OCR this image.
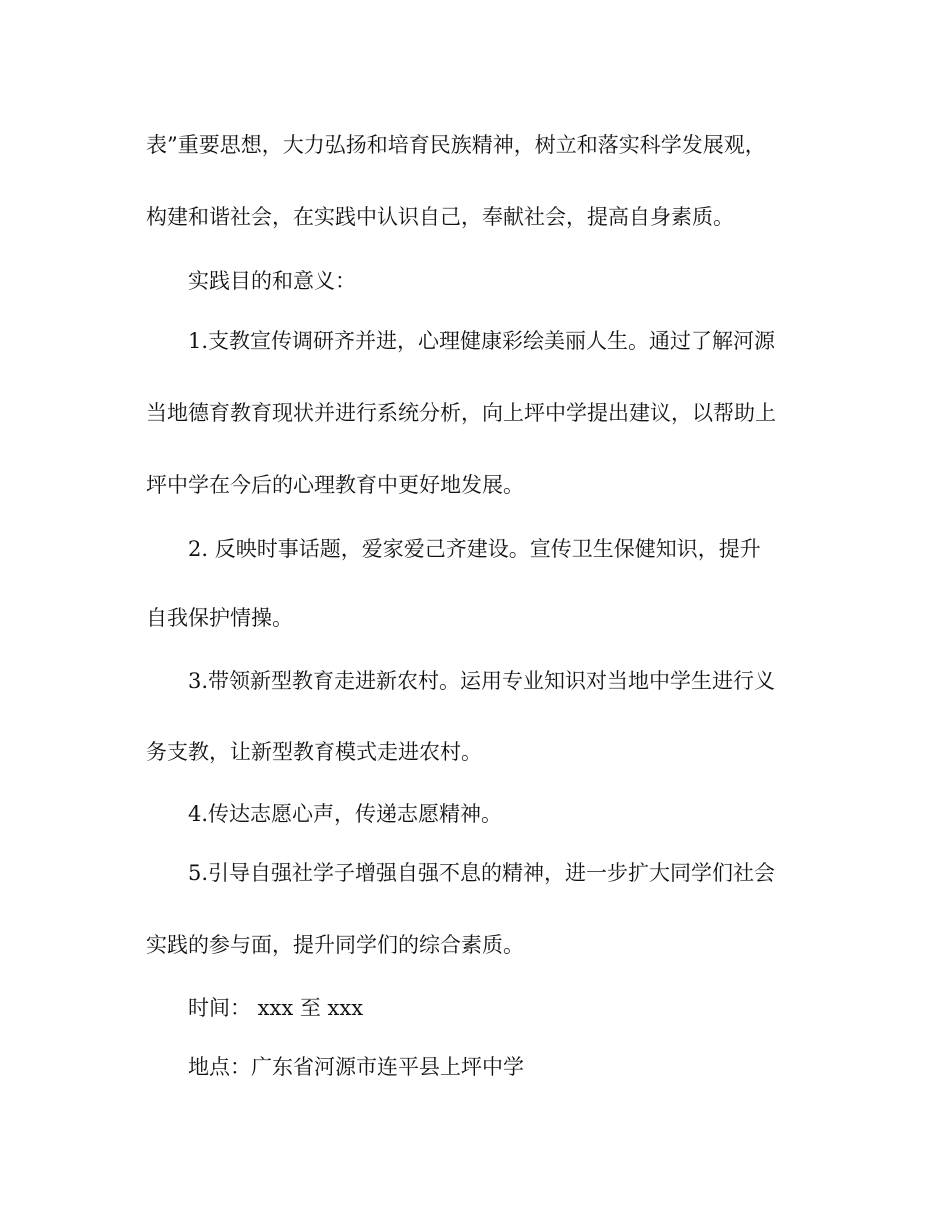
表”重要思想，大力弘扬和培育民族精神，树立和落实科学发展观，
构建和谐社会，在实践中认识自己，奉献社会，提高自身素质。
实践目的和意义：
1.支教宣传调研齐并进，心理健康彩绘美丽人生。通过了解河源
当地德育教育现状并进行系统分析，向上坪中学提出建议，以帮助上
坪中学在今后的心理教育中更好地发展。
2. 反映时事话题，爱家爱己齐建设。宣传卫生保健知识，提升
自我保护情操。
3.带领新型教育走进新农村。运用专业知识对当地中学生进行义
务支教，让新型教育模式走进农村。
4.传达志愿心声，传递志愿精神。
5.引导自强社学子增强自强不息的精神，进一步扩大同学们社会
实践的参与面，提升同学们的综合素质。
时间： xxx 至 xxx
地点：广东省河源市连平县上坪中学
